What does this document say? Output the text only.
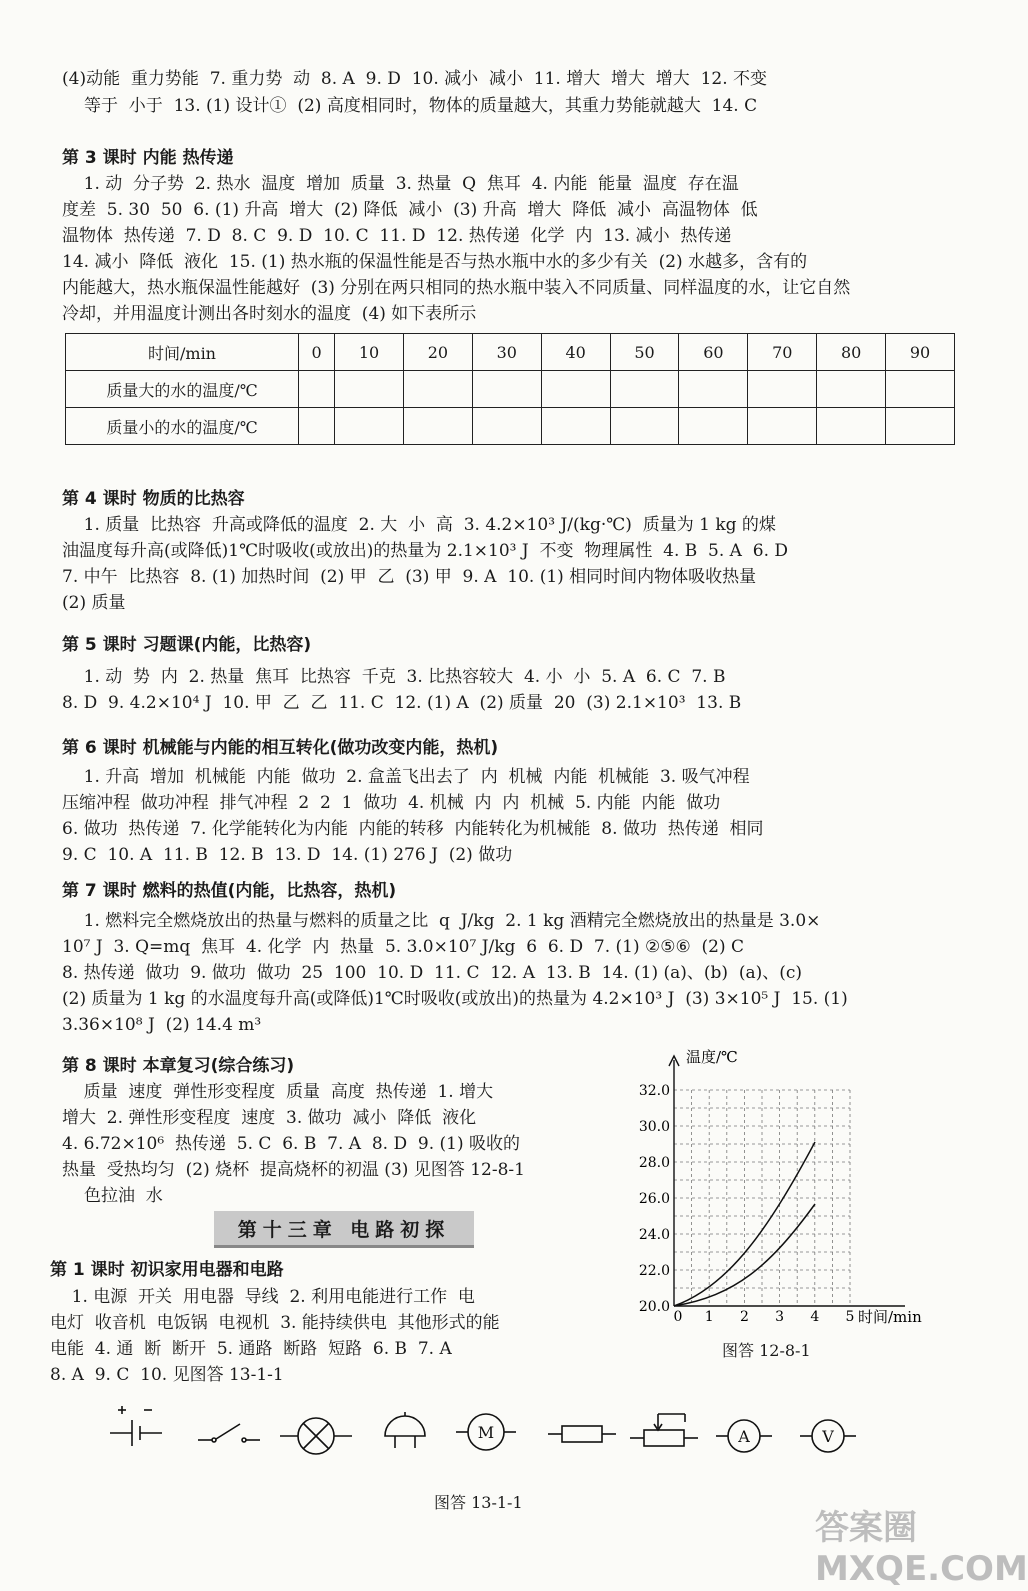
(4)动能  重力势能  7. 重力势  动  8. A  9. D  10. 减小  减小  11. 增大  增大  增大  12. 不变
等于  小于  13. (1) 设计①  (2) 高度相同时，物体的质量越大，其重力势能就越大  14. C
第 3 课时 内能 热传递
1. 动  分子势  2. 热水  温度  增加  质量  3. 热量  Q  焦耳  4. 内能  能量  温度  存在温
度差  5. 30  50  6. (1) 升高  增大  (2) 降低  减小  (3) 升高  增大  降低  减小  高温物体  低
温物体  热传递  7. D  8. C  9. D  10. C  11. D  12. 热传递  化学  内  13. 减小  热传递
14. 减小  降低  液化  15. (1) 热水瓶的保温性能是否与热水瓶中水的多少有关  (2) 水越多，含有的
内能越大，热水瓶保温性能越好  (3) 分别在两只相同的热水瓶中装入不同质量、同样温度的水，让它自然
冷却，并用温度计测出各时刻水的温度  (4) 如下表所示
时间/min	0	10	20	30	40	50	60	70	80	90
质量大的水的温度/℃										
质量小的水的温度/℃										
第 4 课时 物质的比热容
1. 质量  比热容  升高或降低的温度  2. 大  小  高  3. 4.2×10³ J/(kg·℃)  质量为 1 kg 的煤
油温度每升高(或降低)1℃时吸收(或放出)的热量为 2.1×10³ J  不变  物理属性  4. B  5. A  6. D
7. 中午  比热容  8. (1) 加热时间  (2) 甲  乙  (3) 甲  9. A  10. (1) 相同时间内物体吸收热量
(2) 质量
第 5 课时 习题课(内能，比热容)
1. 动  势  内  2. 热量  焦耳  比热容  千克  3. 比热容较大  4. 小  小  5. A  6. C  7. B
8. D  9. 4.2×10⁴ J  10. 甲  乙  乙  11. C  12. (1) A  (2) 质量  20  (3) 2.1×10³  13. B
第 6 课时 机械能与内能的相互转化(做功改变内能，热机)
1. 升高  增加  机械能  内能  做功  2. 盒盖飞出去了  内  机械  内能  机械能  3. 吸气冲程
压缩冲程  做功冲程  排气冲程  2  2  1  做功  4. 机械  内  内  机械  5. 内能  内能  做功
6. 做功  热传递  7. 化学能转化为内能  内能的转移  内能转化为机械能  8. 做功  热传递  相同
9. C  10. A  11. B  12. B  13. D  14. (1) 276 J  (2) 做功
第 7 课时 燃料的热值(内能，比热容，热机)
1. 燃料完全燃烧放出的热量与燃料的质量之比  q  J/kg  2. 1 kg 酒精完全燃烧放出的热量是 3.0×
10⁷ J  3. Q=mq  焦耳  4. 化学  内  热量  5. 3.0×10⁷ J/kg  6  6. D  7. (1) ②⑤⑥  (2) C
8. 热传递  做功  9. 做功  做功  25  100  10. D  11. C  12. A  13. B  14. (1) (a)、(b)  (a)、(c)
(2) 质量为 1 kg 的水温度每升高(或降低)1℃时吸收(或放出)的热量为 4.2×10³ J  (3) 3×10⁵ J  15. (1)
3.36×10⁸ J  (2) 14.4 m³
第 8 课时 本章复习(综合练习)
质量  速度  弹性形变程度  质量  高度  热传递  1. 增大
增大  2. 弹性形变程度  速度  3. 做功  减小  降低  液化
4. 6.72×10⁶  热传递  5. C  6. B  7. A  8. D  9. (1) 吸收的
热量  受热均匀  (2) 烧杯  提高烧杯的初温 (3) 见图答 12-8-1
色拉油  水
温度/℃
20.0
22.0
24.0
26.0
28.0
30.0
32.0
0 1 2 3 4 5 时间/min
图答 12-8-1
第十三章 电路初探
第 1 课时 初识家用电器和电路
1. 电源  开关  用电器  导线  2. 利用电能进行工作  电
电灯  收音机  电饭锅  电视机  3. 能持续供电  其他形式的能
电能  4. 通  断  断开  5. 通路  断路  短路  6. B  7. A
8. A  9. C  10. 见图答 13-1-1
M	A	V
图答 13-1-1
答案圈 MXQE.COM
